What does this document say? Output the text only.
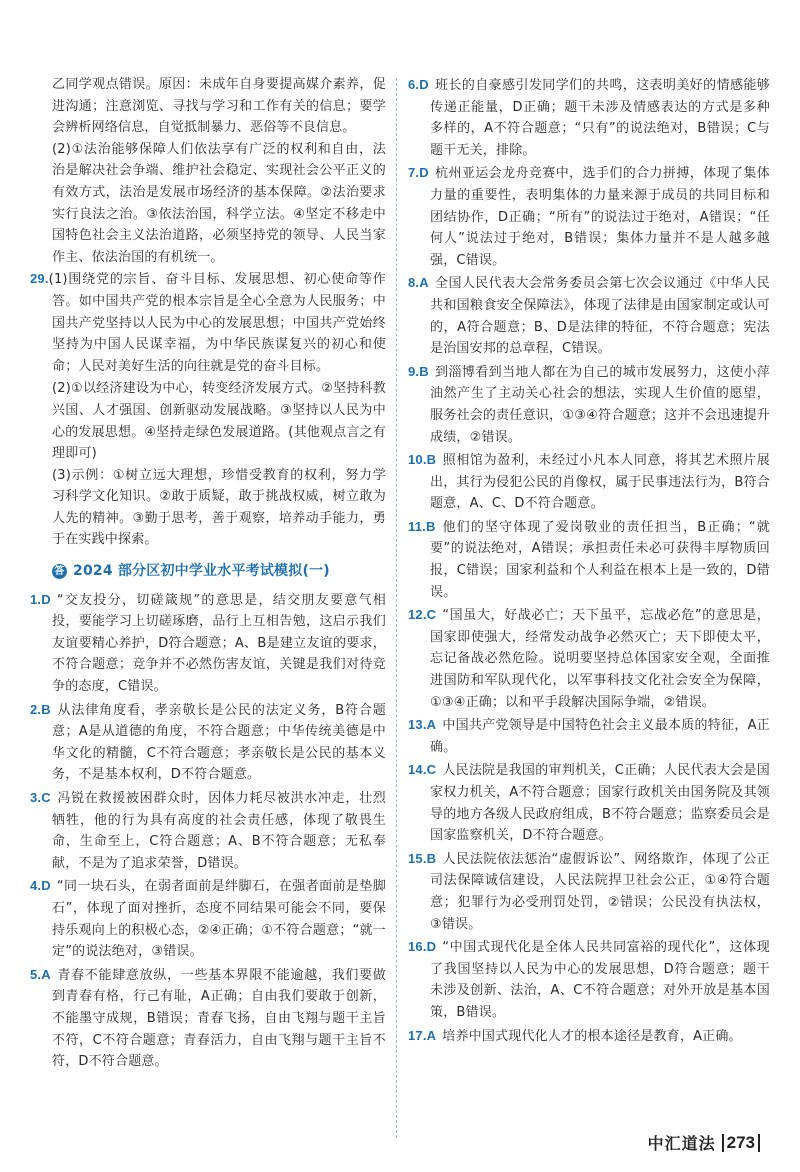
乙同学观点错误。原因：未成年自身要提高媒介素养，促进沟通；注意浏览、寻找与学习和工作有关的信息；要学会辨析网络信息，自觉抵制暴力、恶俗等不良信息。

(2)①法治能够保障人们依法享有广泛的权利和自由，法治是解决社会争端、维护社会稳定、实现社会公平正义的有效方式，法治是发展市场经济的基本保障。②法治要求实行良法之治。③依法治国，科学立法。④坚定不移走中国特色社会主义法治道路，必须坚持党的领导、人民当家作主、依法治国的有机统一。

29.(1)围绕党的宗旨、奋斗目标、发展思想、初心使命等作答。如中国共产党的根本宗旨是全心全意为人民服务；中国共产党坚持以人民为中心的发展思想；中国共产党始终坚持为中国人民谋幸福，为中华民族谋复兴的初心和使命；人民对美好生活的向往就是党的奋斗目标。

(2)①以经济建设为中心，转变经济发展方式。②坚持科教兴国、人才强国、创新驱动发展战略。③坚持以人民为中心的发展思想。④坚持走绿色发展道路。(其他观点言之有理即可)

(3)示例：①树立远大理想，珍惜受教育的权利，努力学习科学文化知识。②敢于质疑，敢于挑战权威，树立敢为人先的精神。③勤于思考，善于观察，培养动手能力，勇于在实践中探索。

答 2024 部分区初中学业水平考试模拟(一)

1.D “交友投分，切磋箴规”的意思是，结交朋友要意气相投，要能学习上切磋琢磨，品行上互相告勉，这启示我们友谊要精心养护，D符合题意；A、B是建立友谊的要求，不符合题意；竞争并不必然伤害友谊，关键是我们对待竞争的态度，C错误。

2.B 从法律角度看，孝亲敬长是公民的法定义务，B符合题意；A是从道德的角度，不符合题意；中华传统美德是中华文化的精髓，C不符合题意；孝亲敬长是公民的基本义务，不是基本权利，D不符合题意。

3.C 冯锐在救援被困群众时，因体力耗尽被洪水冲走，壮烈牺牲，他的行为具有高度的社会责任感，体现了敬畏生命，生命至上，C符合题意；A、B不符合题意；无私奉献，不是为了追求荣誉，D错误。

4.D “同一块石头，在弱者面前是绊脚石，在强者面前是垫脚石”，体现了面对挫折，态度不同结果可能会不同，要保持乐观向上的积极心态，②④正确；①不符合题意；“就一定”的说法绝对，③错误。

5.A 青春不能肆意放纵，一些基本界限不能逾越，我们要做到青春有格，行己有耻，A正确；自由我们要敢于创新，不能墨守成规，B错误；青春飞扬，自由飞翔与题干主旨不符，C不符合题意；青春活力，自由飞翔与题干主旨不符，D不符合题意。

6.D 班长的自豪感引发同学们的共鸣，这表明美好的情感能够传递正能量，D正确；题干未涉及情感表达的方式是多种多样的，A不符合题意；“只有”的说法绝对，B错误；C与题干无关，排除。

7.D 杭州亚运会龙舟竞赛中，选手们的合力拼搏，体现了集体力量的重要性，表明集体的力量来源于成员的共同目标和团结协作，D正确；“所有”的说法过于绝对，A错误；“任何人”说法过于绝对，B错误；集体力量并不是人越多越强，C错误。

8.A 全国人民代表大会常务委员会第七次会议通过《中华人民共和国粮食安全保障法》，体现了法律是由国家制定或认可的，A符合题意；B、D是法律的特征，不符合题意；宪法是治国安邦的总章程，C错误。

9.B 到淄博看到当地人都在为自己的城市发展努力，这使小萍油然产生了主动关心社会的想法，实现人生价值的愿望，服务社会的责任意识，①③④符合题意；这并不会迅速提升成绩，②错误。

10.B 照相馆为盈利，未经过小凡本人同意，将其艺术照片展出，其行为侵犯公民的肖像权，属于民事违法行为，B符合题意，A、C、D不符合题意。

11.B 他们的坚守体现了爱岗敬业的责任担当，B正确；“就要”的说法绝对，A错误；承担责任未必可获得丰厚物质回报，C错误；国家利益和个人利益在根本上是一致的，D错误。

12.C “国虽大，好战必亡；天下虽平，忘战必危”的意思是，国家即使强大，经常发动战争必然灭亡；天下即使太平，忘记备战必然危险。说明要坚持总体国家安全观，全面推进国防和军队现代化，以军事科技文化社会安全为保障，①③④正确；以和平手段解决国际争端，②错误。

13.A 中国共产党领导是中国特色社会主义最本质的特征，A正确。

14.C 人民法院是我国的审判机关，C正确；人民代表大会是国家权力机关，A不符合题意；国家行政机关由国务院及其领导的地方各级人民政府组成，B不符合题意；监察委员会是国家监察机关，D不符合题意。

15.B 人民法院依法惩治“虚假诉讼”、网络欺诈，体现了公正司法保障诚信建设，人民法院捍卫社会公正，①④符合题意；犯罪行为必受刑罚处罚，②错误；公民没有执法权，③错误。

16.D “中国式现代化是全体人民共同富裕的现代化”，这体现了我国坚持以人民为中心的发展思想，D符合题意；题干未涉及创新、法治，A、C不符合题意；对外开放是基本国策，B错误。

17.A 培养中国式现代化人才的根本途径是教育，A正确。

中汇道法 273
